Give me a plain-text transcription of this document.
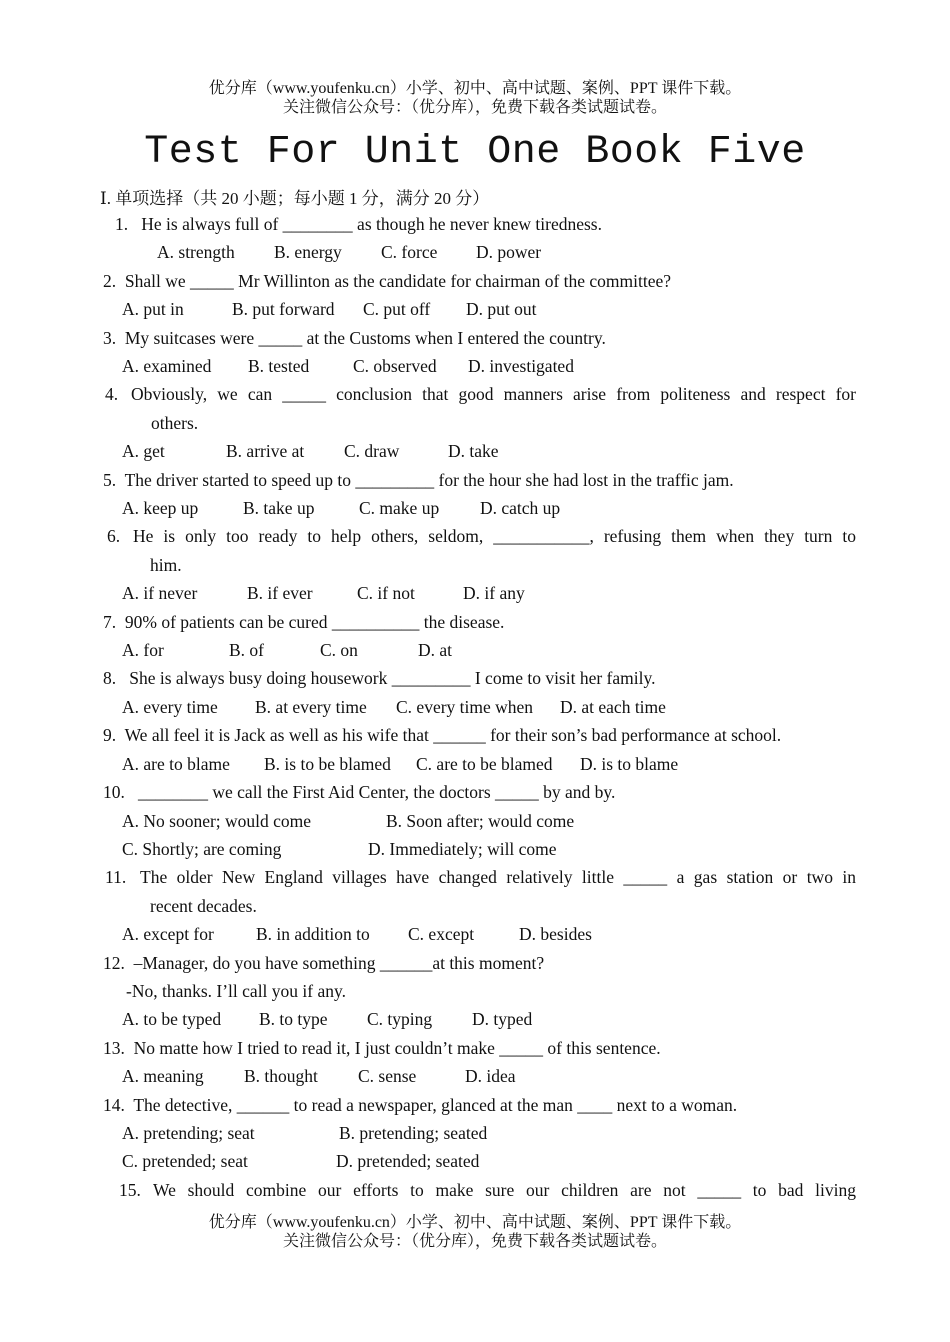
优分库（www.youfenku.cn）小学、初中、高中试题、案例、PPT 课件下载。
关注微信公众号：（优分库），免费下载各类试题试卷。
Test For Unit One Book Five
Ⅰ. 单项选择（共 20 小题；每小题 1 分，满分 20 分）
1. He is always full of ________ as though he never knew tiredness.
A. strength B. energy C. force D. power
2. Shall we _____ Mr Willinton as the candidate for chairman of the committee?
A. put in	B. put forward C. put off D. put out
3. My suitcases were _____ at the Customs when I entered the country.
A. examined B. tested	C. observed D. investigated
4. Obviously, we can _____ conclusion that good manners arise from politeness and respect for
others.
A. get	B. arrive at C. draw	D. take
5. The driver started to speed up to _________ for the hour she had lost in the traffic jam.
A. keep up	B. take up	C. make up D. catch up
6. He is only too ready to help others, seldom, ___________, refusing them when they turn to
him.
A. if never	B. if ever	C. if not	D. if any
7. 90% of patients can be cured __________ the disease.
A. for	B. of	C. on	D. at
8. She is always busy doing housework _________ I come to visit her family.
A. every time B. at every time C. every time when D. at each time
9. We all feel it is Jack as well as his wife that ______ for their son’s bad performance at school.
A. are to blame B. is to be blamed C. are to be blamed D. is to blame
10. ________ we call the First Aid Center, the doctors _____ by and by.
A. No sooner; would come	B. Soon after; would come
C. Shortly; are coming	D. Immediately; will come
11. The older New England villages have changed relatively little _____ a gas station or two in
recent decades.
A. except for B. in addition to C. except	D. besides
12. –Manager, do you have something ______at this moment?
-No, thanks. I’ll call you if any.
A. to be typed B. to type C. typing D. typed
13. No matte how I tried to read it, I just couldn’t make _____ of this sentence.
A. meaning B. thought C. sense	D. idea
14. The detective, ______ to read a newspaper, glanced at the man ____ next to a woman.
A. pretending; seat	B. pretending; seated
C. pretended; seat	D. pretended; seated
15. We should combine our efforts to make sure our children are not _____ to bad living
优分库（www.youfenku.cn）小学、初中、高中试题、案例、PPT 课件下载。
关注微信公众号：（优分库），免费下载各类试题试卷。
